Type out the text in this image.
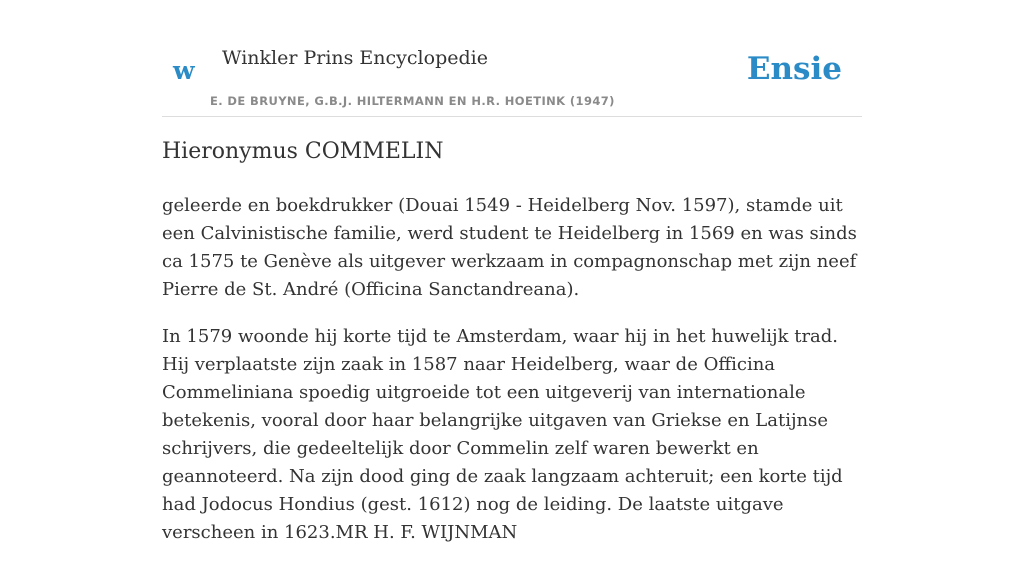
w Winkler Prins Encyclopedie
E. DE BRUYNE, G.B.J. HILTERMANN EN H.R. HOETINK (1947)
Ensie
Hieronymus COMMELIN

geleerde en boekdrukker (Douai 1549 - Heidelberg Nov. 1597), stamde uit een Calvinistische familie, werd student te Heidelberg in 1569 en was sinds ca 1575 te Genève als uitgever werkzaam in compagnonschap met zijn neef Pierre de St. André (Officina Sanctandreana).

In 1579 woonde hij korte tijd te Amsterdam, waar hij in het huwelijk trad. Hij verplaatste zijn zaak in 1587 naar Heidelberg, waar de Officina Commeliniana spoedig uitgroeide tot een uitgeverij van internationale betekenis, vooral door haar belangrijke uitgaven van Griekse en Latijnse schrijvers, die gedeeltelijk door Commelin zelf waren bewerkt en geannoteerd. Na zijn dood ging de zaak langzaam achteruit; een korte tijd had Jodocus Hondius (gest. 1612) nog de leiding. De laatste uitgave verscheen in 1623.MR H. F. WIJNMAN
